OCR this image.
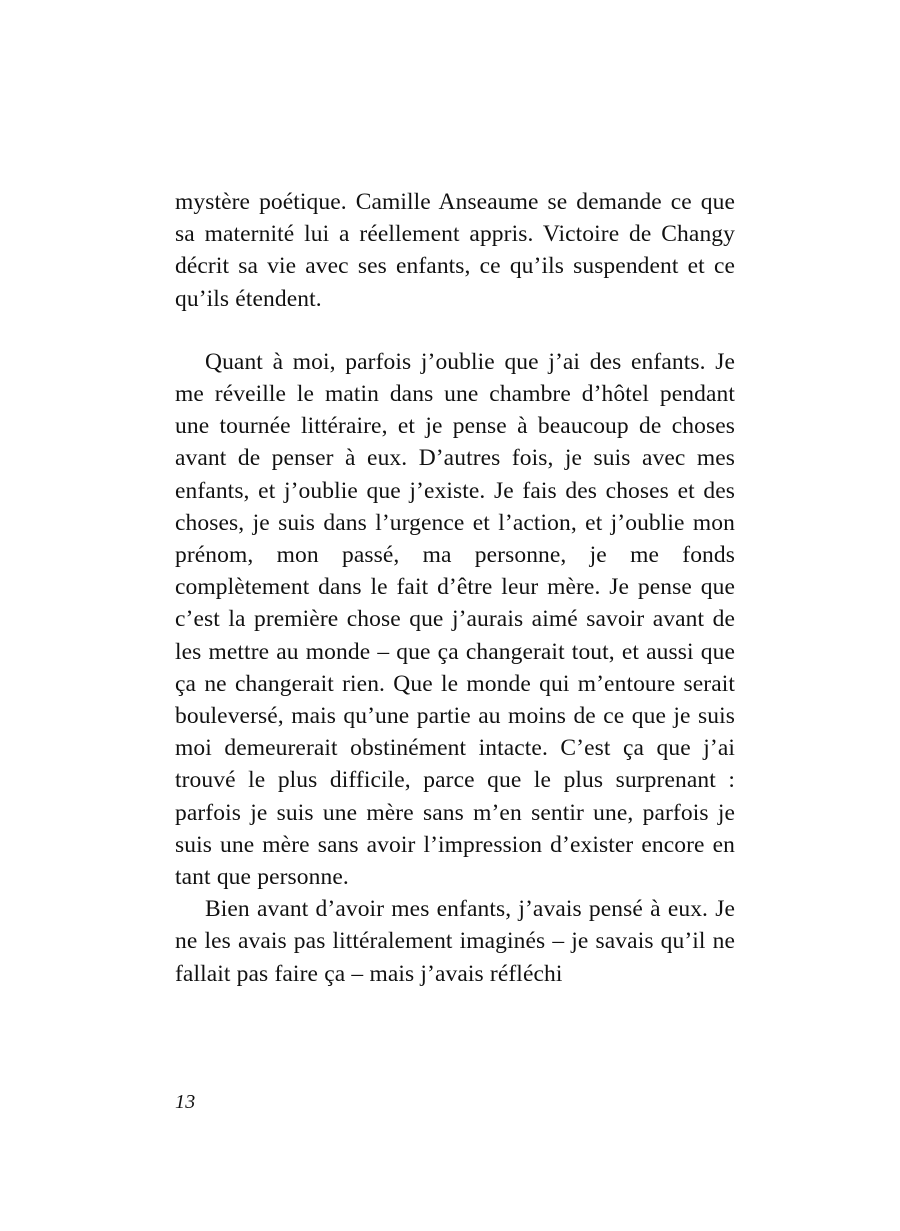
mystère poétique. Camille Anseaume se demande ce que sa maternité lui a réellement appris. Victoire de Changy décrit sa vie avec ses enfants, ce qu’ils suspendent et ce qu’ils étendent.

Quant à moi, parfois j’oublie que j’ai des enfants. Je me réveille le matin dans une chambre d’hôtel pendant une tournée littéraire, et je pense à beaucoup de choses avant de penser à eux. D’autres fois, je suis avec mes enfants, et j’oublie que j’existe. Je fais des choses et des choses, je suis dans l’urgence et l’action, et j’oublie mon prénom, mon passé, ma personne, je me fonds complètement dans le fait d’être leur mère. Je pense que c’est la première chose que j’aurais aimé savoir avant de les mettre au monde – que ça changerait tout, et aussi que ça ne changerait rien. Que le monde qui m’entoure serait bouleversé, mais qu’une partie au moins de ce que je suis moi demeurerait obstinément intacte. C’est ça que j’ai trouvé le plus difficile, parce que le plus surprenant : parfois je suis une mère sans m’en sentir une, parfois je suis une mère sans avoir l’impression d’exister encore en tant que personne.

Bien avant d’avoir mes enfants, j’avais pensé à eux. Je ne les avais pas littéralement imaginés – je savais qu’il ne fallait pas faire ça – mais j’avais réfléchi

13
